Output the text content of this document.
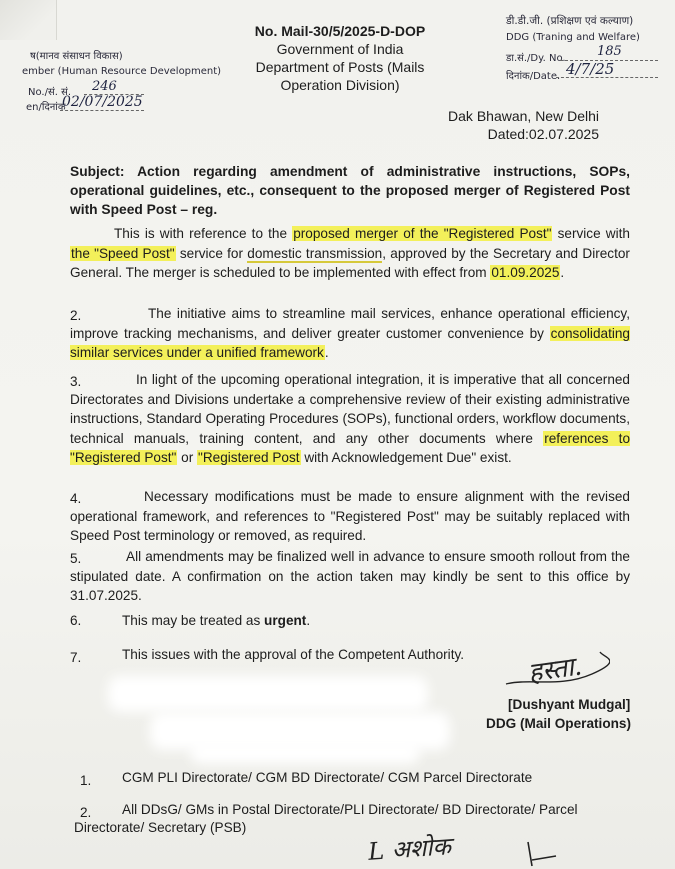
ष(मानव संसाधन विकास)
ember (Human Resource Development)
No./सं. सं. 246
en/दिनांक
02/07/2025
No. Mail-30/5/2025-D-DOP
Government of India
Department of Posts (Mails
Operation Division)
डी.डी.जी. (प्रशिक्षण एवं कल्याण)
DDG (Traning and Welfare)
डा.सं./Dy. No. 185
दिनांक/Date. 4/7/25
Dak Bhawan, New Delhi
Dated:02.07.2025
Subject: Action regarding amendment of administrative instructions, SOPs, operational guidelines, etc., consequent to the proposed merger of Registered Post with Speed Post – reg.
This is with reference to the proposed merger of the "Registered Post" service with the "Speed Post" service for domestic transmission, approved by the Secretary and Director General. The merger is scheduled to be implemented with effect from 01.09.2025.
2.	The initiative aims to streamline mail services, enhance operational efficiency, improve tracking mechanisms, and deliver greater customer convenience by consolidating similar services under a unified framework.
3.	In light of the upcoming operational integration, it is imperative that all concerned Directorates and Divisions undertake a comprehensive review of their existing administrative instructions, Standard Operating Procedures (SOPs), functional orders, workflow documents, technical manuals, training content, and any other documents where references to "Registered Post" or "Registered Post with Acknowledgement Due" exist.
4.	Necessary modifications must be made to ensure alignment with the revised operational framework, and references to "Registered Post" may be suitably replaced with Speed Post terminology or removed, as required.
5.	All amendments may be finalized well in advance to ensure smooth rollout from the stipulated date. A confirmation on the action taken may kindly be sent to this office by 31.07.2025.
6.	This may be treated as urgent.
7.	This issues with the approval of the Competent Authority. हस्ता.
[Dushyant Mudgal]
DDG (Mail Operations)
1. CGM PLI Directorate/ CGM BD Directorate/ CGM Parcel Directorate
2. All DDsG/ GMs in Postal Directorate/PLI Directorate/ BD Directorate/ Parcel
Directorate/ Secretary (PSB)
L अशोक
